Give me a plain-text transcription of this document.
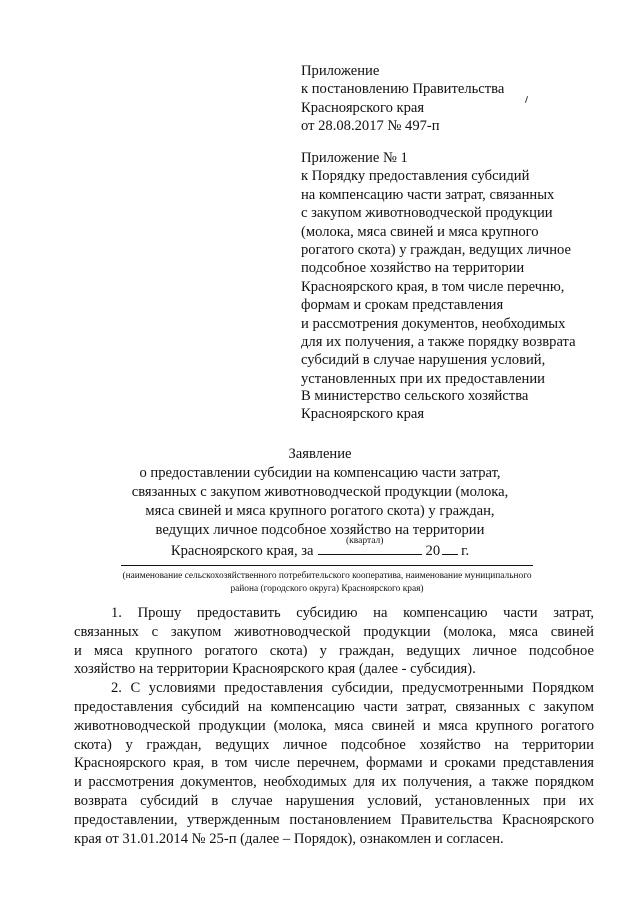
Приложение
к постановлению Правительства
Красноярского края
от 28.08.2017 № 497-п
Приложение № 1
к Порядку предоставления субсидий
на компенсацию части затрат, связанных
с закупом животноводческой продукции
(молока, мяса свиней и мяса крупного
рогатого скота) у граждан, ведущих личное
подсобное хозяйство на территории
Красноярского края, в том числе перечню,
формам и срокам представления
и рассмотрения документов, необходимых
для их получения, а также порядку возврата
субсидий в случае нарушения условий,
установленных при их предоставлении
В министерство сельского хозяйства
Красноярского края
Заявление
о предоставлении субсидии на компенсацию части затрат,
связанных с закупом животноводческой продукции (молока,
мяса свиней и мяса крупного рогатого скота) у граждан,
ведущих личное подсобное хозяйство на территории
Красноярского края, за	20 г.
(квартал)
(наименование сельскохозяйственного потребительского кооператива, наименование муниципального
района (городского округа) Красноярского края)
1. Прошу предоставить субсидию на компенсацию части затрат,
связанных с закупом животноводческой продукции (молока, мяса свиней
и мяса крупного рогатого скота) у граждан, ведущих личное подсобное
хозяйство на территории Красноярского края (далее - субсидия).
2. С условиями предоставления субсидии, предусмотренными Порядком
предоставления субсидий на компенсацию части затрат, связанных с закупом
животноводческой продукции (молока, мяса свиней и мяса крупного рогатого
скота) у граждан, ведущих личное подсобное хозяйство на территории
Красноярского края, в том числе перечнем, формами и сроками представления
и рассмотрения документов, необходимых для их получения, а также порядком
возврата субсидий в случае нарушения условий, установленных при их
предоставлении, утвержденным постановлением Правительства Красноярского
края от 31.01.2014 № 25-п (далее – Порядок), ознакомлен и согласен.
